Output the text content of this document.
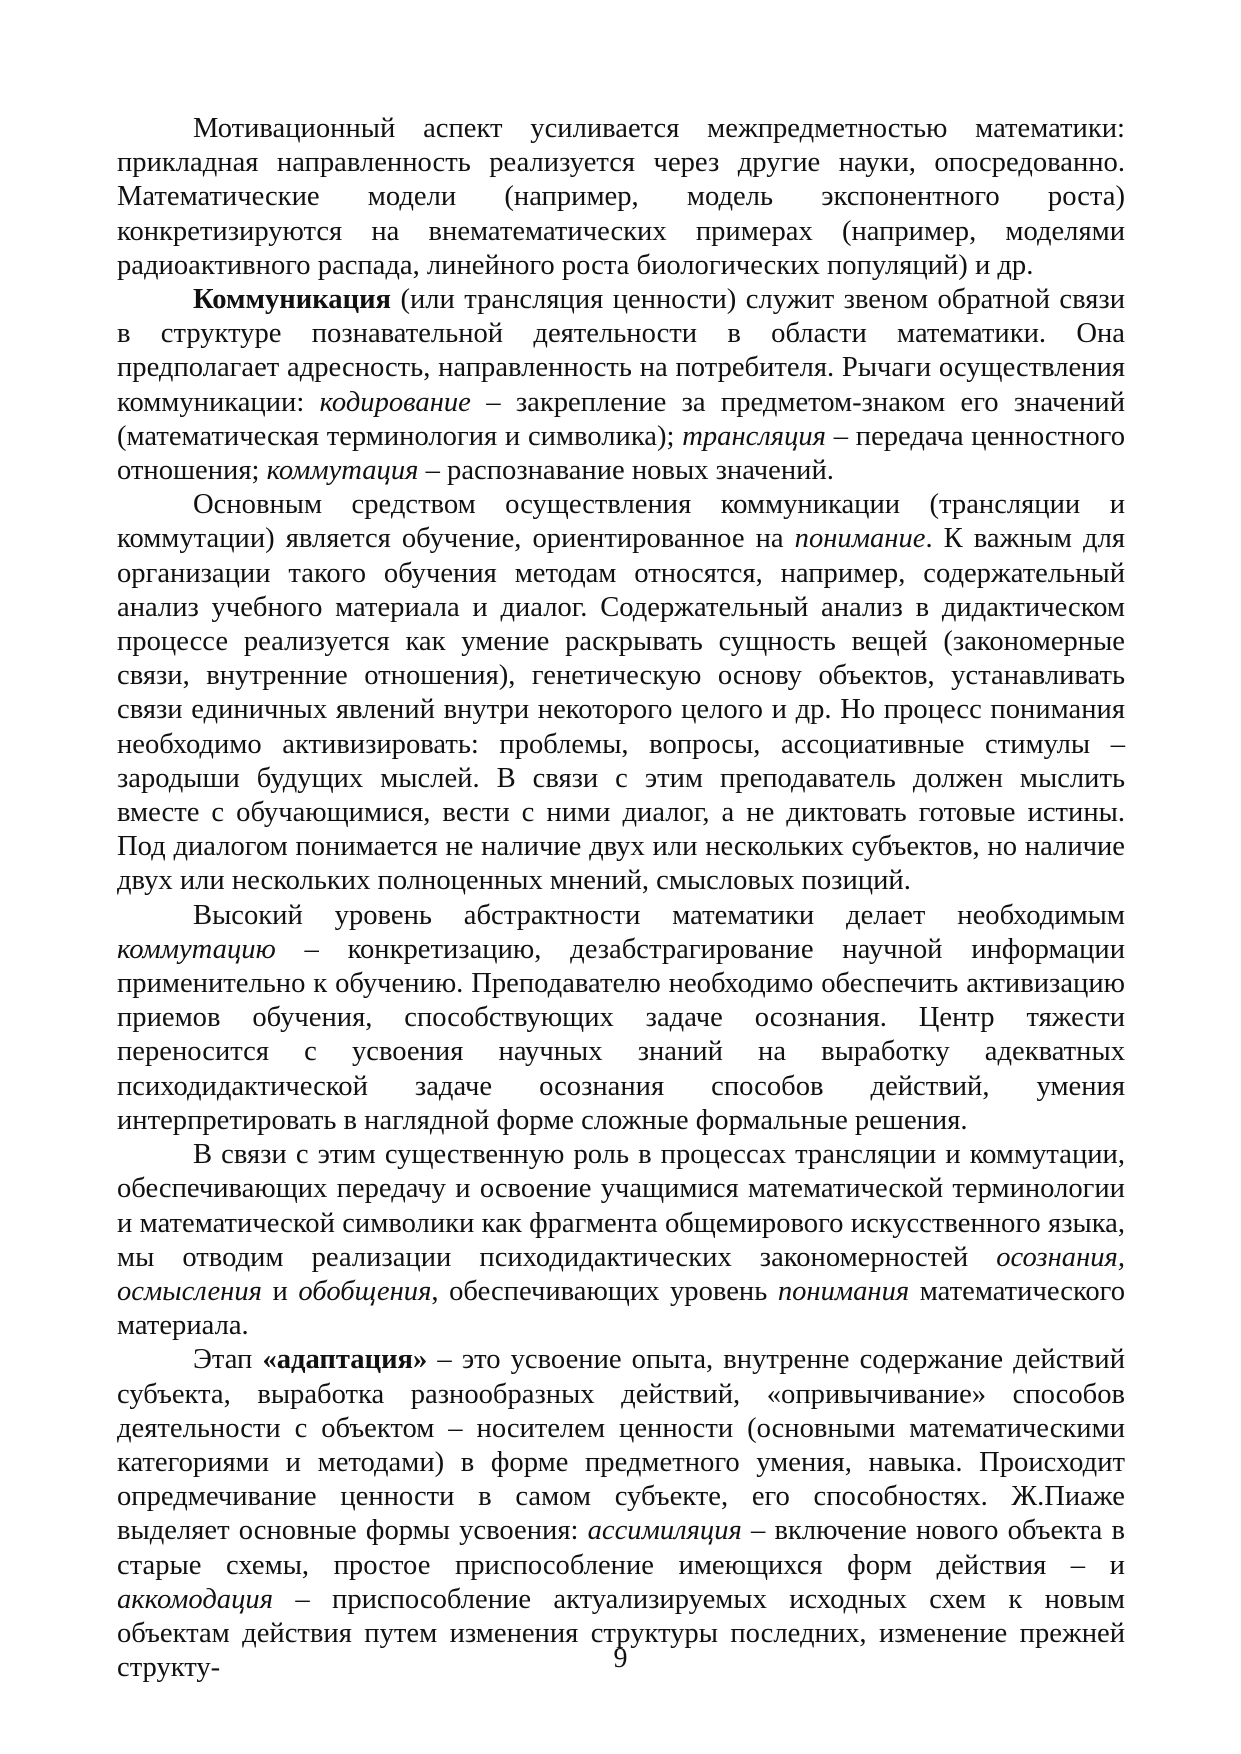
Мотивационный аспект усиливается межпредметностью математики: прикладная направленность реализуется через другие науки, опосредованно. Математические модели (например, модель экспонентного роста) конкретизируются на внематематических примерах (например, моделями радиоактивного распада, линейного роста биологических популяций) и др.

Коммуникация (или трансляция ценности) служит звеном обратной связи в структуре познавательной деятельности в области математики. Она предполагает адресность, направленность на потребителя. Рычаги осуществления коммуникации: кодирование – закрепление за предметом-знаком его значений (математическая терминология и символика); трансляция – передача ценностного отношения; коммутация – распознавание новых значений.

Основным средством осуществления коммуникации (трансляции и коммутации) является обучение, ориентированное на понимание. К важным для организации такого обучения методам относятся, например, содержательный анализ учебного материала и диалог. Содержательный анализ в дидактическом процессе реализуется как умение раскрывать сущность вещей (закономерные связи, внутренние отношения), генетическую основу объектов, устанавливать связи единичных явлений внутри некоторого целого и др. Но процесс понимания необходимо активизировать: проблемы, вопросы, ассоциативные стимулы – зародыши будущих мыслей. В связи с этим преподаватель должен мыслить вместе с обучающимися, вести с ними диалог, а не диктовать готовые истины. Под диалогом понимается не наличие двух или нескольких субъектов, но наличие двух или нескольких полноценных мнений, смысловых позиций.

Высокий уровень абстрактности математики делает необходимым коммутацию – конкретизацию, дезабстрагирование научной информации применительно к обучению. Преподавателю необходимо обеспечить активизацию приемов обучения, способствующих задаче осознания. Центр тяжести переносится с усвоения научных знаний на выработку адекватных психодидактической задаче осознания способов действий, умения интерпретировать в наглядной форме сложные формальные решения.

В связи с этим существенную роль в процессах трансляции и коммутации, обеспечивающих передачу и освоение учащимися математической терминологии и математической символики как фрагмента общемирового искусственного языка, мы отводим реализации психодидактических закономерностей осознания, осмысления и обобщения, обеспечивающих уровень понимания математического материала.

Этап «адаптация» – это усвоение опыта, внутренне содержание действий субъекта, выработка разнообразных действий, «опривычивание» способов деятельности с объектом – носителем ценности (основными математическими категориями и методами) в форме предметного умения, навыка. Происходит опредмечивание ценности в самом субъекте, его способностях. Ж.Пиаже выделяет основные формы усвоения: ассимиляция – включение нового объекта в старые схемы, простое приспособление имеющихся форм действия – и аккомодация – приспособление актуализируемых исходных схем к новым объектам действия путем изменения структуры последних, изменение прежней структу-	9
